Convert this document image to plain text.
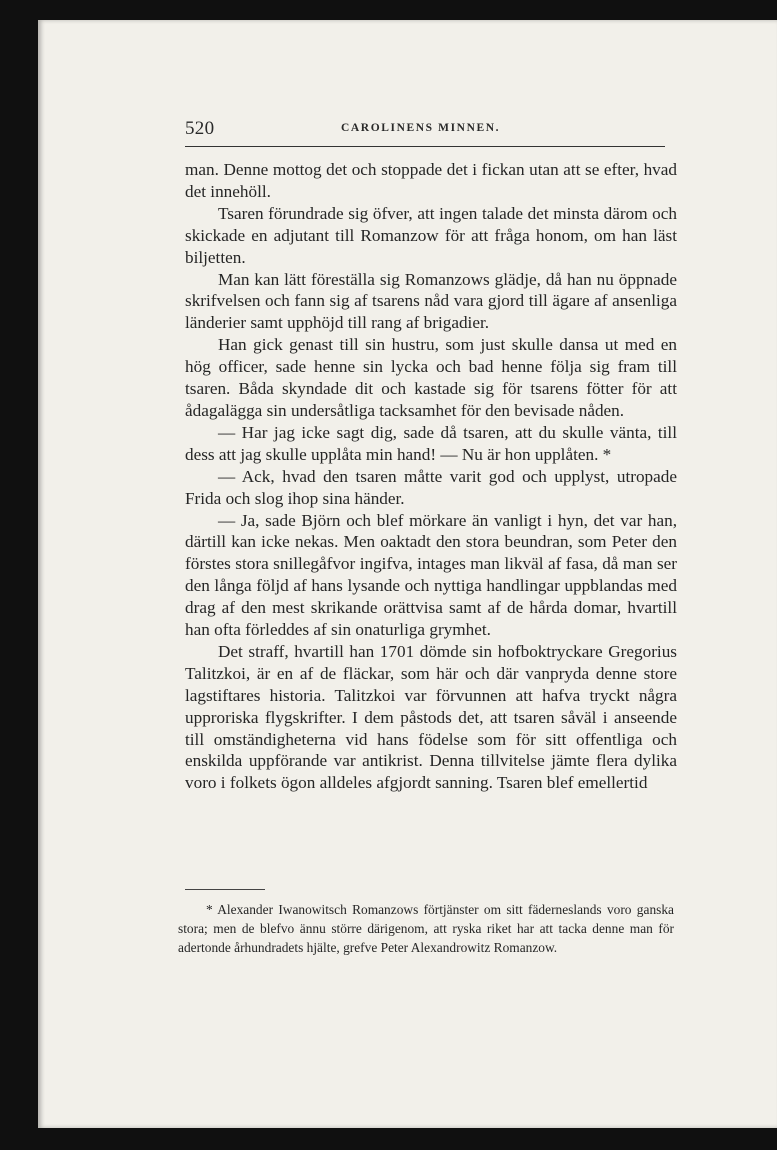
520	CAROLINENS MINNEN.

man. Denne mottog det och stoppade det i fickan utan att se efter, hvad det innehöll.

Tsaren förundrade sig öfver, att ingen talade det minsta därom och skickade en adjutant till Romanzow för att fråga honom, om han läst biljetten.

Man kan lätt föreställa sig Romanzows glädje, då han nu öppnade skrifvelsen och fann sig af tsarens nåd vara gjord till ägare af ansenliga länderier samt upphöjd till rang af brigadier.

Han gick genast till sin hustru, som just skulle dansa ut med en hög officer, sade henne sin lycka och bad henne följa sig fram till tsaren. Båda skyndade dit och kastade sig för tsarens fötter för att ådagalägga sin undersåtliga tacksamhet för den bevisade nåden.

— Har jag icke sagt dig, sade då tsaren, att du skulle vänta, till dess att jag skulle upplåta min hand! — Nu är hon upplåten. *

— Ack, hvad den tsaren måtte varit god och upplyst, utropade Frida och slog ihop sina händer.

— Ja, sade Björn och blef mörkare än vanligt i hyn, det var han, därtill kan icke nekas. Men oaktadt den stora beundran, som Peter den förstes stora snillegåfvor ingifva, intages man likväl af fasa, då man ser den långa följd af hans lysande och nyttiga handlingar uppblandas med drag af den mest skrikande orättvisa samt af de hårda domar, hvartill han ofta förleddes af sin onaturliga grymhet.

Det straff, hvartill han 1701 dömde sin hofboktryckare Gregorius Talitzkoi, är en af de fläckar, som här och där vanpryda denne store lagstiftares historia. Talitzkoi var förvunnen att hafva tryckt några upproriska flygskrifter. I dem påstods det, att tsaren såväl i anseende till omständigheterna vid hans födelse som för sitt offentliga och enskilda uppförande var antikrist. Denna tillvitelse jämte flera dylika voro i folkets ögon alldeles afgjordt sanning. Tsaren blef emellertid

* Alexander Iwanowitsch Romanzows förtjänster om sitt fäderneslands voro ganska stora; men de blefvo ännu större därigenom, att ryska riket har att tacka denne man för adertonde århundradets hjälte, grefve Peter Alexandrowitz Romanzow.
